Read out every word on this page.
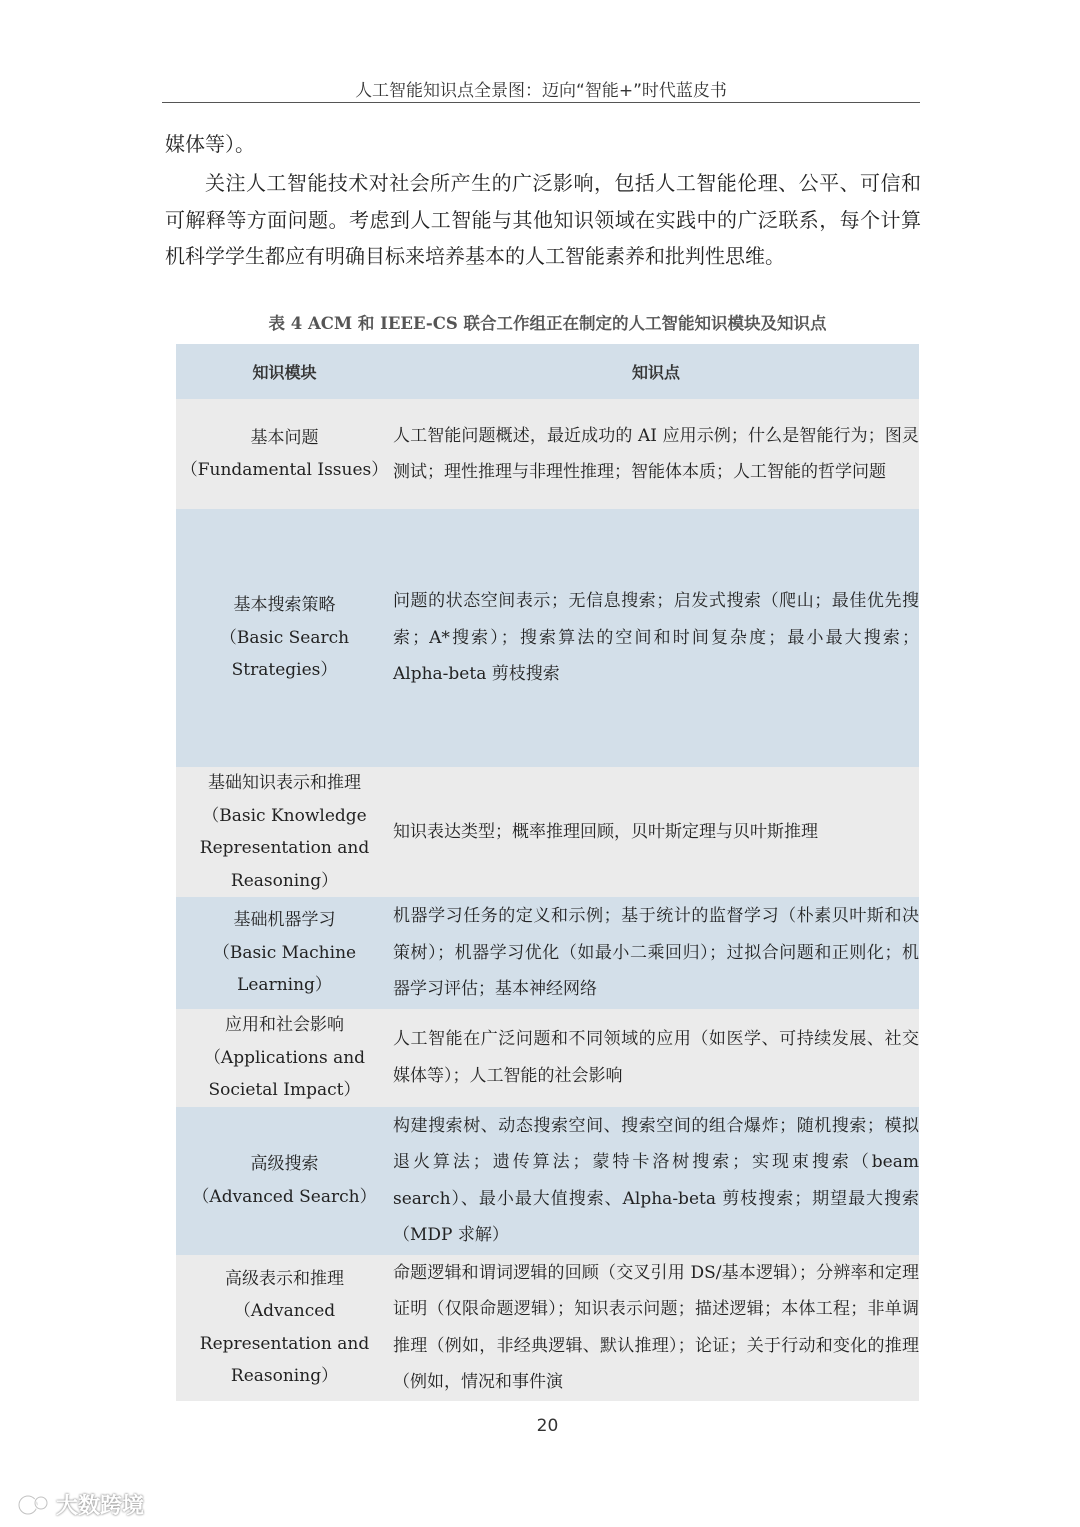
人工智能知识点全景图：迈向“智能+”时代蓝皮书

媒体等）。

关注人工智能技术对社会所产生的广泛影响，包括人工智能伦理、公平、可信和可解释等方面问题。考虑到人工智能与其他知识领域在实践中的广泛联系，每个计算机科学学生都应有明确目标来培养基本的人工智能素养和批判性思维。

表 4 ACM 和 IEEE-CS 联合工作组正在制定的人工智能知识模块及知识点
知识模块	知识点

基本问题
（Fundamental Issues）	人工智能问题概述，最近成功的 AI 应用示例；什么是智能行为；图灵测试；理性推理与非理性推理；智能体本质；人工智能的哲学问题

基本搜索策略
（Basic Search Strategies）	问题的状态空间表示；无信息搜索；启发式搜索（爬山；最佳优先搜索；A*搜索）；搜索算法的空间和时间复杂度；最小最大搜索；Alpha-beta 剪枝搜索

基础知识表示和推理
（Basic Knowledge Representation and Reasoning）	知识表达类型；概率推理回顾，贝叶斯定理与贝叶斯推理

基础机器学习
（Basic Machine Learning）	机器学习任务的定义和示例；基于统计的监督学习（朴素贝叶斯和决策树）；机器学习优化（如最小二乘回归）；过拟合问题和正则化；机器学习评估；基本神经网络

应用和社会影响
（Applications and Societal Impact）	人工智能在广泛问题和不同领域的应用（如医学、可持续发展、社交媒体等）；人工智能的社会影响

高级搜索
（Advanced Search）	构建搜索树、动态搜索空间、搜索空间的组合爆炸；随机搜索；模拟退火算法；遗传算法；蒙特卡洛树搜索；实现束搜索（beam search）、最小最大值搜索、Alpha-beta 剪枝搜索；期望最大搜索（MDP 求解）

高级表示和推理
（Advanced Representation and Reasoning）	命题逻辑和谓词逻辑的回顾（交叉引用 DS/基本逻辑）；分辨率和定理证明（仅限命题逻辑）；知识表示问题；描述逻辑；本体工程；非单调推理（例如，非经典逻辑、默认推理）；论证；关于行动和变化的推理（例如，情况和事件演
20
大数跨境
